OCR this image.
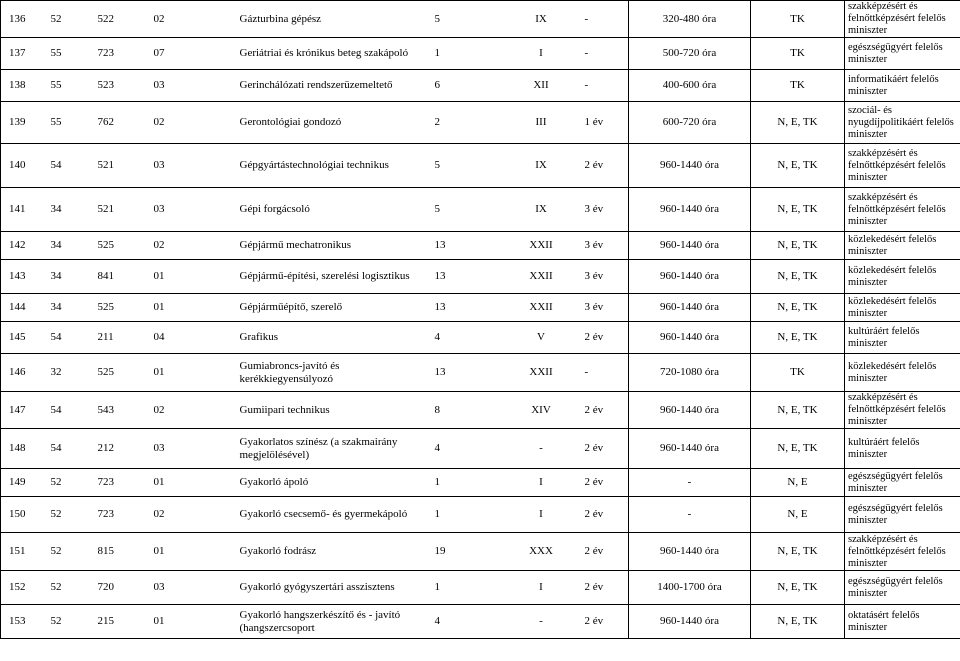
136	52	522	02	Gázturbina gépész	5	IX	-	320-480 óra	TK	szakképzésért és felnőttképzésért felelős miniszter
137	55	723	07	Geriátriai és krónikus beteg szakápoló	1	I	-	500-720 óra	TK	egészségügyért felelős miniszter
138	55	523	03	Gerinchálózati rendszerüzemeltető	6	XII	-	400-600 óra	TK	informatikáért felelős miniszter
139	55	762	02	Gerontológiai gondozó	2	III	1 év	600-720 óra	N, E, TK	szociál- és nyugdíjpolitikáért felelős miniszter
140	54	521	03	Gépgyártástechnológiai technikus	5	IX	2 év	960-1440 óra	N, E, TK	szakképzésért és felnőttképzésért felelős miniszter
141	34	521	03	Gépi forgácsoló	5	IX	3 év	960-1440 óra	N, E, TK	szakképzésért és felnőttképzésért felelős miniszter
142	34	525	02	Gépjármű mechatronikus	13	XXII	3 év	960-1440 óra	N, E, TK	közlekedésért felelős miniszter
143	34	841	01	Gépjármű-építési, szerelési logisztikus	13	XXII	3 év	960-1440 óra	N, E, TK	közlekedésért felelős miniszter
144	34	525	01	Gépjárműépítő, szerelő	13	XXII	3 év	960-1440 óra	N, E, TK	közlekedésért felelős miniszter
145	54	211	04	Grafikus	4	V	2 év	960-1440 óra	N, E, TK	kultúráért felelős miniszter
146	32	525	01	Gumiabroncs-javító és kerékkiegyensúlyozó	13	XXII	-	720-1080 óra	TK	közlekedésért felelős miniszter
147	54	543	02	Gumiipari technikus	8	XIV	2 év	960-1440 óra	N, E, TK	szakképzésért és felnőttképzésért felelős miniszter
148	54	212	03	Gyakorlatos színész (a szakmairány megjelölésével)	4	-	2 év	960-1440 óra	N, E, TK	kultúráért felelős miniszter
149	52	723	01	Gyakorló ápoló	1	I	2 év	-	N, E	egészségügyért felelős miniszter
150	52	723	02	Gyakorló csecsemő- és gyermekápoló	1	I	2 év	-	N, E	egészségügyért felelős miniszter
151	52	815	01	Gyakorló fodrász	19	XXX	2 év	960-1440 óra	N, E, TK	szakképzésért és felnőttképzésért felelős miniszter
152	52	720	03	Gyakorló gyógyszertári asszisztens	1	I	2 év	1400-1700 óra	N, E, TK	egészségügyért felelős miniszter
153	52	215	01	Gyakorló hangszerkészítő és - javító (hangszercsoport	4	-	2 év	960-1440 óra	N, E, TK	oktatásért felelős miniszter
